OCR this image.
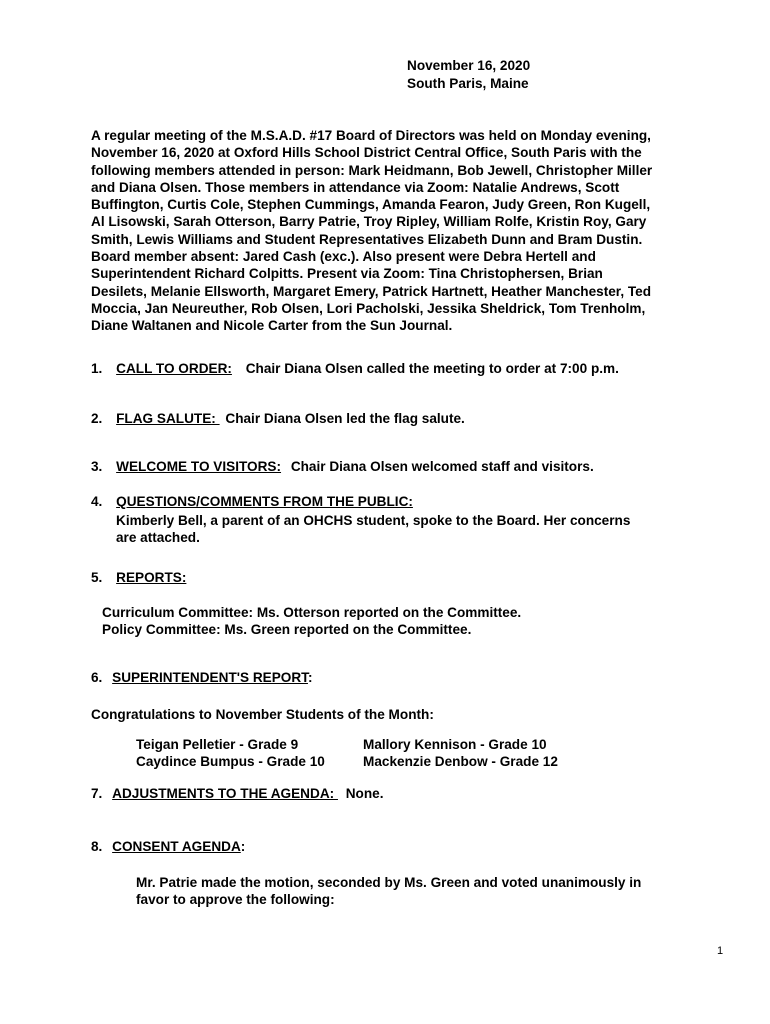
November 16, 2020
South Paris, Maine
A regular meeting of the M.S.A.D. #17 Board of Directors was held on Monday evening,
November 16, 2020 at Oxford Hills School District Central Office, South Paris with the
following members attended in person: Mark Heidmann, Bob Jewell, Christopher Miller
and Diana Olsen. Those members in attendance via Zoom: Natalie Andrews, Scott
Buffington, Curtis Cole, Stephen Cummings, Amanda Fearon, Judy Green, Ron Kugell,
Al Lisowski, Sarah Otterson, Barry Patrie, Troy Ripley, William Rolfe, Kristin Roy, Gary
Smith, Lewis Williams and Student Representatives Elizabeth Dunn and Bram Dustin.
Board member absent: Jared Cash (exc.). Also present were Debra Hertell and
Superintendent Richard Colpitts. Present via Zoom: Tina Christophersen, Brian
Desilets, Melanie Ellsworth, Margaret Emery, Patrick Hartnett, Heather Manchester, Ted
Moccia, Jan Neureuther, Rob Olsen, Lori Pacholski, Jessika Sheldrick, Tom Trenholm,
Diane Waltanen and Nicole Carter from the Sun Journal.
1. CALL TO ORDER: Chair Diana Olsen called the meeting to order at 7:00 p.m.
2. FLAG SALUTE:  Chair Diana Olsen led the flag salute.
3. WELCOME TO VISITORS: Chair Diana Olsen welcomed staff and visitors.
4. QUESTIONS/COMMENTS FROM THE PUBLIC:
Kimberly Bell, a parent of an OHCHS student, spoke to the Board. Her concerns
are attached.
5. REPORTS:
Curriculum Committee: Ms. Otterson reported on the Committee.
Policy Committee: Ms. Green reported on the Committee.
6. SUPERINTENDENT'S REPORT:
Congratulations to November Students of the Month:
Teigan Pelletier - Grade 9	Mallory Kennison - Grade 10
Caydince Bumpus - Grade 10	Mackenzie Denbow - Grade 12
7. ADJUSTMENTS TO THE AGENDA:  None.
8. CONSENT AGENDA:
Mr. Patrie made the motion, seconded by Ms. Green and voted unanimously in
favor to approve the following:
1
